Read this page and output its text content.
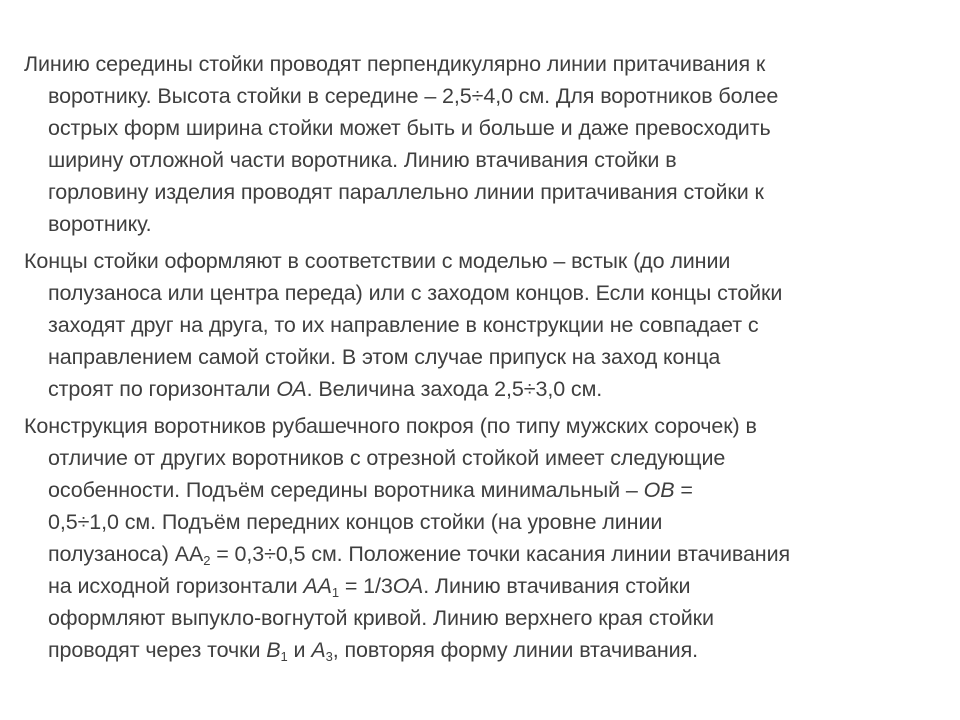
Линию середины стойки проводят перпендикулярно линии притачивания к
воротнику. Высота стойки в середине – 2,5÷4,0 см. Для воротников более
острых форм ширина стойки может быть и больше и даже превосходить
ширину отложной части воротника. Линию втачивания стойки в
горловину изделия проводят параллельно линии притачивания стойки к
воротнику.

Концы стойки оформляют в соответствии с моделью – встык (до линии
полузаноса или центра переда) или с заходом концов. Если концы стойки
заходят друг на друга, то их направление в конструкции не совпадает с
направлением самой стойки. В этом случае припуск на заход конца
строят по горизонтали ОА. Величина захода 2,5÷3,0 см.

Конструкция воротников рубашечного покроя (по типу мужских сорочек) в
отличие от других воротников с отрезной стойкой имеет следующие
особенности. Подъём середины воротника минимальный – ОВ =
0,5÷1,0 см. Подъём передних концов стойки (на уровне линии
полузаноса) $АА_2 = 0,3\div 0,5$ см. Положение точки касания линии втачивания
на исходной горизонтали $АА_1 = 1/3ОА$. Линию втачивания стойки
оформляют выпукло-вогнутой кривой. Линию верхнего края стойки
проводят через точки $В_1$ и $А_3$, повторяя форму линии втачивания.
